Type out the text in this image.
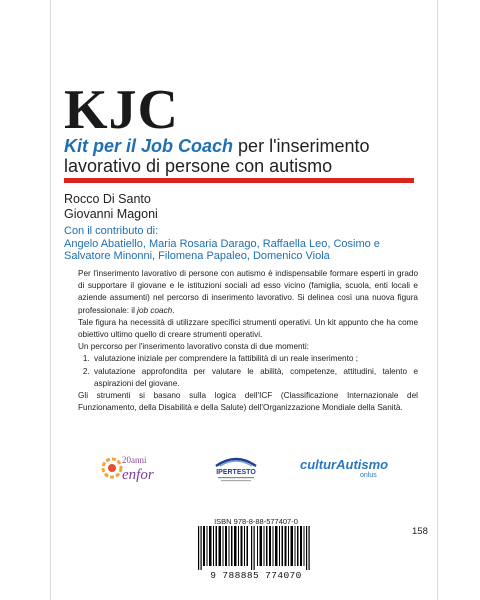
KJC
Kit per il Job Coach per l'inserimento lavorativo di persone con autismo
Rocco Di Santo
Giovanni Magoni
Con il contributo di:
Angelo Abatiello, Maria Rosaria Darago, Raffaella Leo, Cosimo e Salvatore Minonni, Filomena Papaleo, Domenico Viola

Per l'inserimento lavorativo di persone con autismo è indispensabile formare esperti in grado di supportare il giovane e le istituzioni sociali ad esso vicino (famiglia, scuola, enti locali e aziende assumenti) nel percorso di inserimento lavorativo. Si delinea così una nuova figura professionale: il job coach.

Tale figura ha necessità di utilizzare specifici strumenti operativi. Un kit appunto che ha come obiettivo ultimo quello di creare strumenti operativi.

Un percorso per l'inserimento lavorativo consta di due momenti:

1. valutazione iniziale per comprendere la fattibilità di un reale inserimento ;
2. valutazione approfondita per valutare le abilità, competenze, attitudini, talento e aspirazioni del giovane.

Gli strumenti si basano sulla logica dell'ICF (Classificazione Internazionale del Funzionamento, della Disabilità e della Salute) dell'Organizzazione Mondiale della Sanità.

20anni
enfor	IPERTESTO
culturAutismo
onlus
ISBN 978-8-88-577407-0
9 788885 774070
158
